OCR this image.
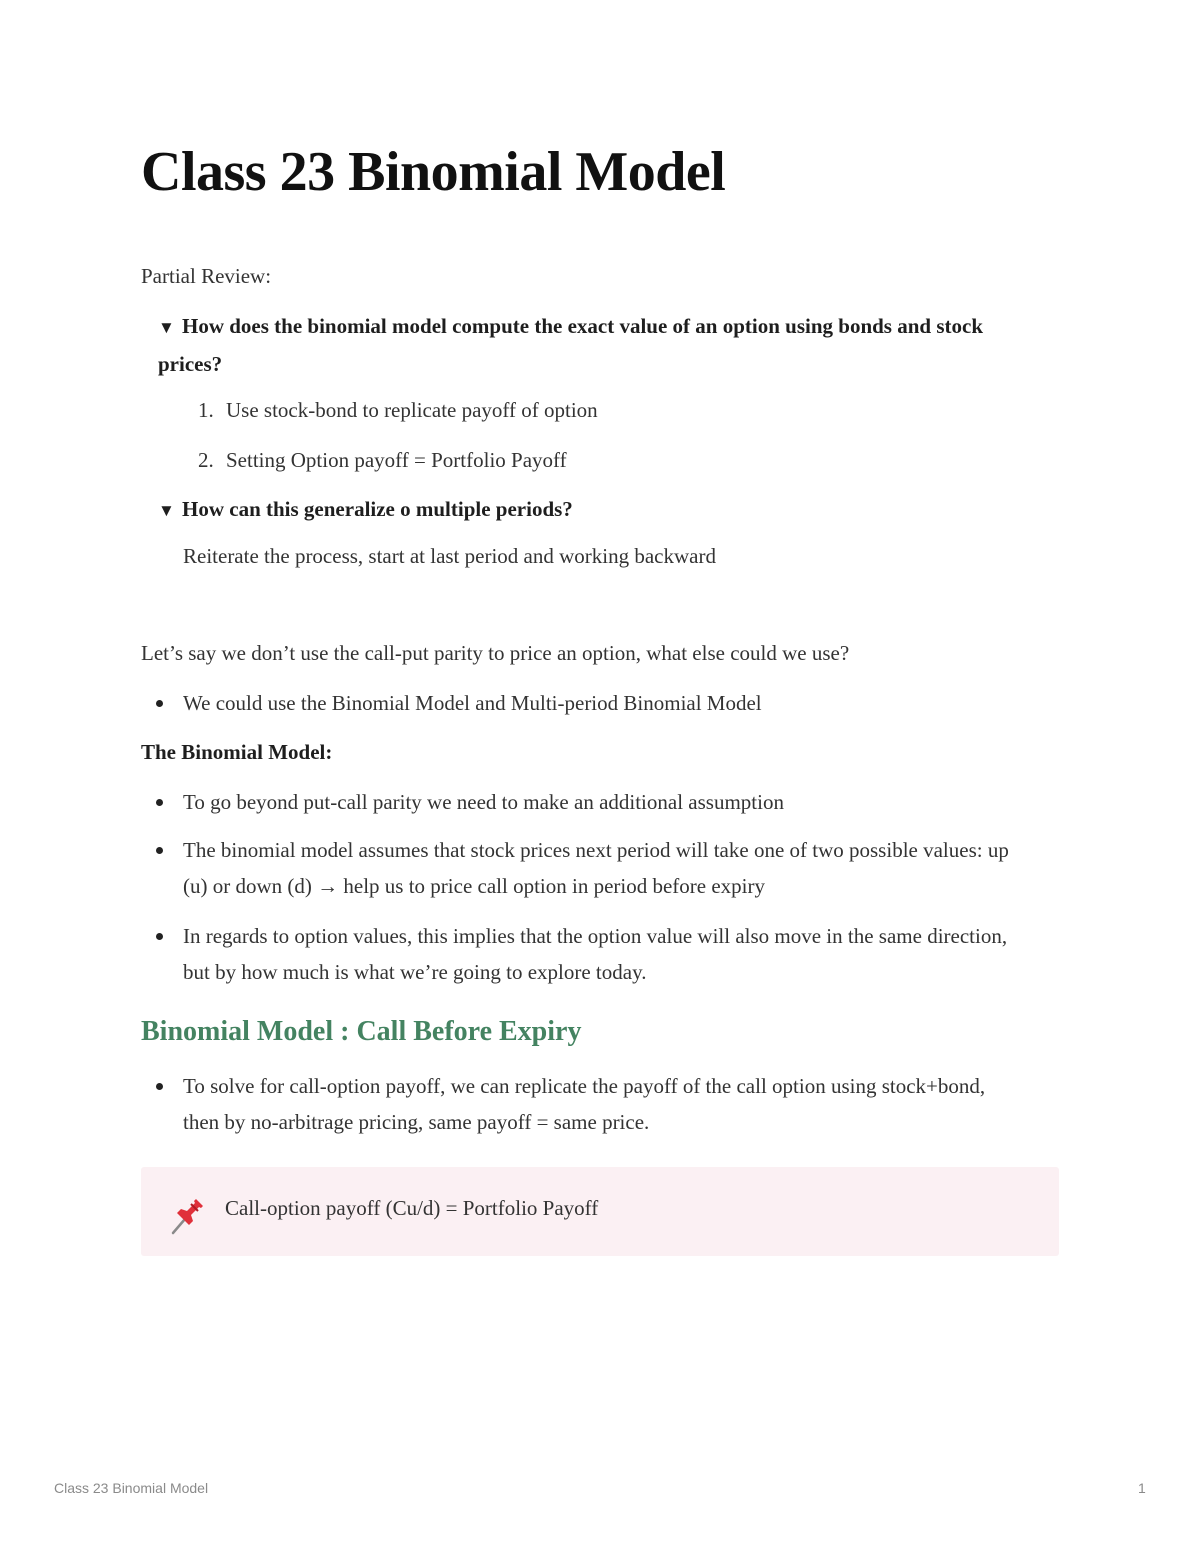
Class 23 Binomial Model
Partial Review:
▼ How does the binomial model compute the exact value of an option using bonds and stock prices?
1. Use stock-bond to replicate payoff of option
2. Setting Option payoff = Portfolio Payoff
▼ How can this generalize o multiple periods?
Reiterate the process, start at last period and working backward
Let’s say we don’t use the call-put parity to price an option, what else could we use?
We could use the Binomial Model and Multi-period Binomial Model
The Binomial Model:
To go beyond put-call parity we need to make an additional assumption
The binomial model assumes that stock prices next period will take one of two possible values: up (u) or down (d) → help us to price call option in period before expiry
In regards to option values, this implies that the option value will also move in the same direction, but by how much is what we’re going to explore today.
Binomial Model : Call Before Expiry
To solve for call-option payoff, we can replicate the payoff of the call option using stock+bond, then by no-arbitrage pricing, same payoff = same price.
Call-option payoff (Cu/d) = Portfolio Payoff
Class 23 Binomial Model	1
